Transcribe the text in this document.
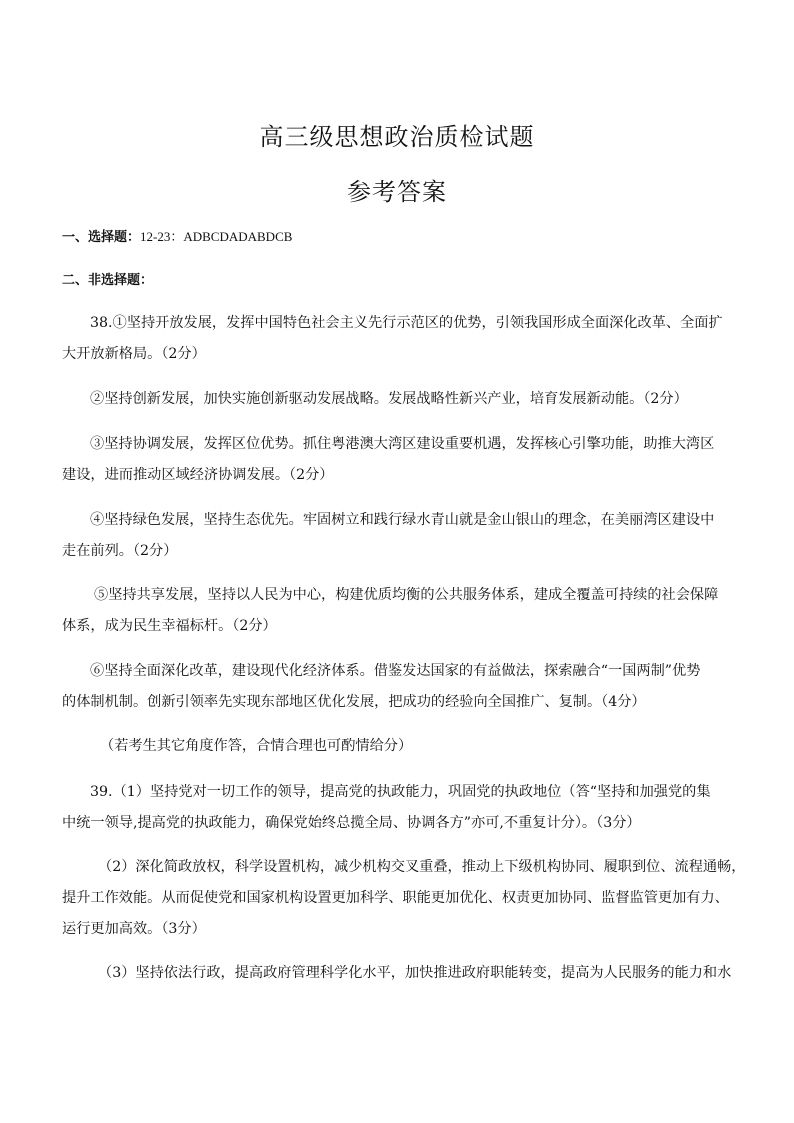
高三级思想政治质检试题
参考答案
一、选择题：12-23：ADBCDADABDCB
二、非选择题：
38.①坚持开放发展，发挥中国特色社会主义先行示范区的优势，引领我国形成全面深化改革、全面扩
大开放新格局。（2分）
②坚持创新发展，加快实施创新驱动发展战略。发展战略性新兴产业，培育发展新动能。（2分）
③坚持协调发展，发挥区位优势。抓住粤港澳大湾区建设重要机遇，发挥核心引擎功能，助推大湾区
建设，进而推动区域经济协调发展。（2分）
④坚持绿色发展，坚持生态优先。牢固树立和践行绿水青山就是金山银山的理念，在美丽湾区建设中
走在前列。（2分）
⑤坚持共享发展，坚持以人民为中心，构建优质均衡的公共服务体系，建成全覆盖可持续的社会保障
体系，成为民生幸福标杆。（2分）
⑥坚持全面深化改革，建设现代化经济体系。借鉴发达国家的有益做法，探索融合“一国两制”优势
的体制机制。创新引领率先实现东部地区优化发展，把成功的经验向全国推广、复制。（4分）
（若考生其它角度作答，合情合理也可酌情给分）
39.（1）坚持党对一切工作的领导，提高党的执政能力，巩固党的执政地位（答“坚持和加强党的集
中统一领导,提高党的执政能力，确保党始终总揽全局、协调各方”亦可,不重复计分）。（3分）
（2）深化简政放权，科学设置机构，减少机构交叉重叠，推动上下级机构协同、履职到位、流程通畅，
提升工作效能。从而促使党和国家机构设置更加科学、职能更加优化、权责更加协同、监督监管更加有力、
运行更加高效。（3分）
（3）坚持依法行政，提高政府管理科学化水平，加快推进政府职能转变，提高为人民服务的能力和水
